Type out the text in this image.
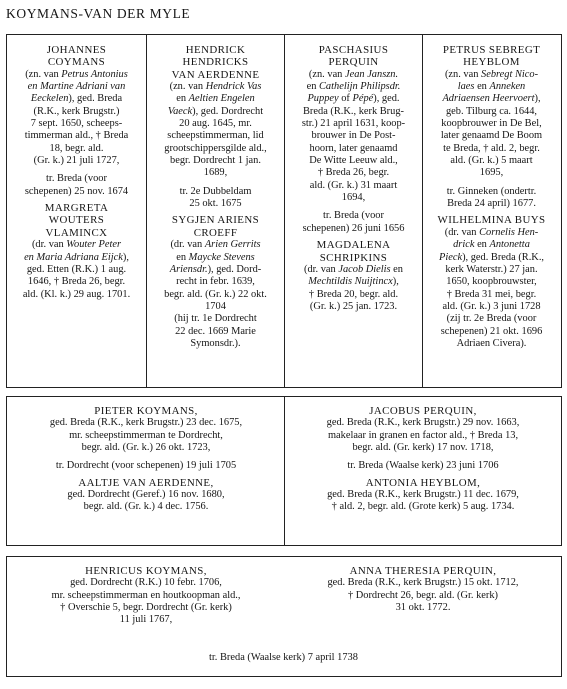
KOYMANS-VAN DER MYLE
JOHANNES
COYMANS
(zn. van Petrus Antonius
en Martine Adriani van
Eeckelen), ged. Breda
(R.K., kerk Brugstr.)
7 sept. 1650, scheeps-
timmerman ald., † Breda
18, begr. ald.
(Gr. k.) 21 juli 1727,
tr. Breda (voor
schepenen) 25 nov. 1674
MARGRETA
WOUTERS
VLAMINCX
(dr. van Wouter Peter
en Maria Adriana Eijck),
ged. Etten (R.K.) 1 aug.
1646, † Breda 26, begr.
ald. (Kl. k.) 29 aug. 1701.
HENDRICK
HENDRICKS
VAN AERDENNE
(zn. van Hendrick Vas
en Aeltien Engelen
Vaeck), ged. Dordrecht
20 aug. 1645, mr.
scheepstimmerman, lid
grootschippersgilde ald.,
begr. Dordrecht 1 jan.
1689,
tr. 2e Dubbeldam
25 okt. 1675
SYGJEN ARIENS
CROEFF
(dr. van Arien Gerrits
en Maycke Stevens
Ariensdr.), ged. Dord-
recht in febr. 1639,
begr. ald. (Gr. k.) 22 okt.
1704
(hij tr. 1e Dordrecht
22 dec. 1669 Marie
Symonsdr.).
PASCHASIUS
PERQUIN
(zn. van Jean Janszn.
en Cathelijn Philipsdr.
Puppey of Pépé), ged.
Breda (R.K., kerk Brug-
str.) 21 april 1631, koop-
brouwer in De Post-
hoorn, later genaamd
De Witte Leeuw ald.,
† Breda 26, begr.
ald. (Gr. k.) 31 maart
1694,
tr. Breda (voor
schepenen) 26 juni 1656
MAGDALENA
SCHRIPKINS
(dr. van Jacob Dielis en
Mechtildis Nuijtincx),
† Breda 20, begr. ald.
(Gr. k.) 25 jan. 1723.
PETRUS SEBREGT
HEYBLOM
(zn. van Sebregt Nico-
laes en Anneken
Adriaensen Heervoert),
geb. Tilburg ca. 1644,
koopbrouwer in De Bel,
later genaamd De Boom
te Breda, † ald. 2, begr.
ald. (Gr. k.) 5 maart
1695,
tr. Ginneken (ondertr.
Breda 24 april) 1677.
WILHELMINA BUYS
(dr. van Cornelis Hen-
drick en Antonetta
Pieck), ged. Breda (R.K.,
kerk Waterstr.) 27 jan.
1650, koopbrouwster,
† Breda 31 mei, begr.
ald. (Gr. k.) 3 juni 1728
(zij tr. 2e Breda (voor
schepenen) 21 okt. 1696
Adriaen Civera).
PIETER KOYMANS,
ged. Breda (R.K., kerk Brugstr.) 23 dec. 1675,
mr. scheepstimmerman te Dordrecht,
begr. ald. (Gr. k.) 26 okt. 1723,
tr. Dordrecht (voor schepenen) 19 juli 1705
AALTJE VAN AERDENNE,
ged. Dordrecht (Geref.) 16 nov. 1680,
begr. ald. (Gr. k.) 4 dec. 1756.
JACOBUS PERQUIN,
ged. Breda (R.K., kerk Brugstr.) 29 nov. 1663,
makelaar in granen en factor ald., † Breda 13,
begr. ald. (Gr. kerk) 17 nov. 1718,
tr. Breda (Waalse kerk) 23 juni 1706
ANTONIA HEYBLOM,
ged. Breda (R.K., kerk Brugstr.) 11 dec. 1679,
† ald. 2, begr. ald. (Grote kerk) 5 aug. 1734.
HENRICUS KOYMANS,
ged. Dordrecht (R.K.) 10 febr. 1706,
mr. scheepstimmerman en houtkoopman ald.,
† Overschie 5, begr. Dordrecht (Gr. kerk)
11 juli 1767,
ANNA THERESIA PERQUIN,
ged. Breda (R.K., kerk Brugstr.) 15 okt. 1712,
† Dordrecht 26, begr. ald. (Gr. kerk)
31 okt. 1772.
tr. Breda (Waalse kerk) 7 april 1738
